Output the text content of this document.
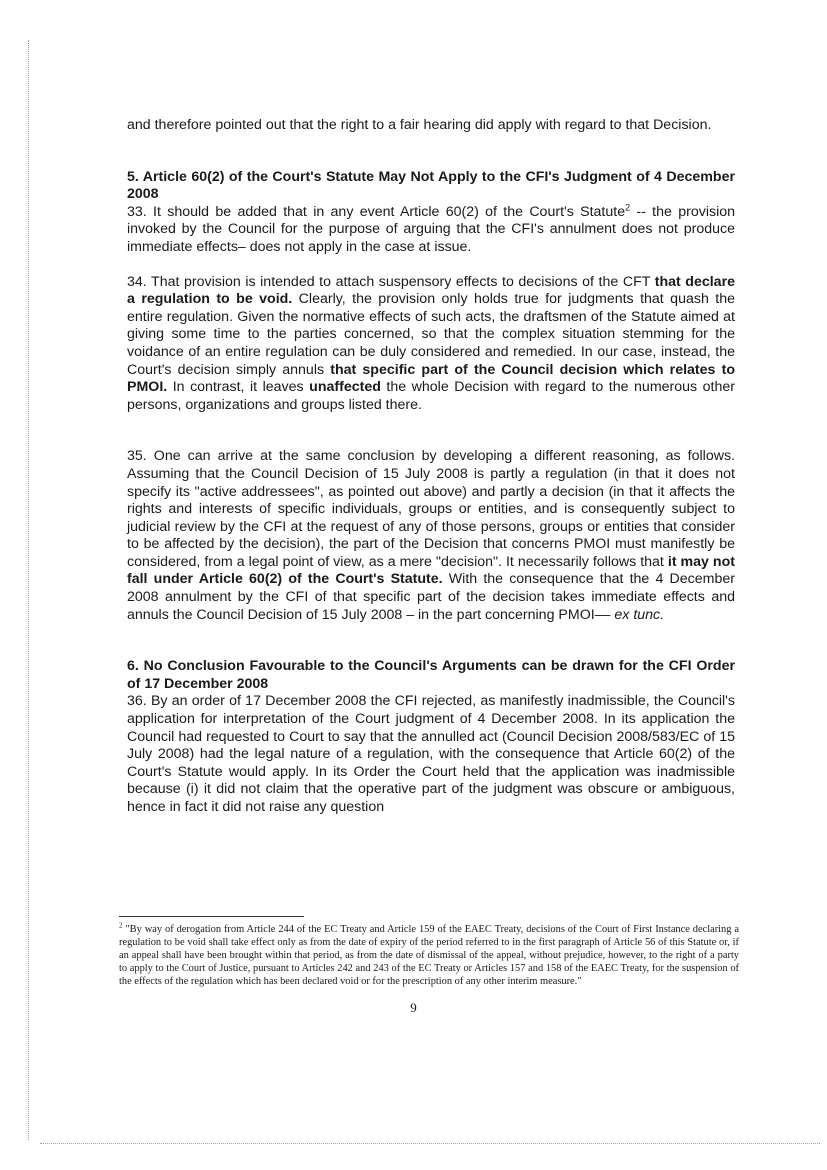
and therefore pointed out that the right to a fair hearing did apply with regard to that Decision.

5. Article 60(2) of the Court's Statute May Not Apply to the CFI's Judgment of 4 December 2008

33. It should be added that in any event Article 60(2) of the Court's Statute$^2$ -- the provision invoked by the Council for the purpose of arguing that the CFI's annulment does not produce immediate effects– does not apply in the case at issue.

34. That provision is intended to attach suspensory effects to decisions of the CFT that declare a regulation to be void. Clearly, the provision only holds true for judgments that quash the entire regulation. Given the normative effects of such acts, the draftsmen of the Statute aimed at giving some time to the parties concerned, so that the complex situation stemming for the voidance of an entire regulation can be duly considered and remedied. In our case, instead, the Court's decision simply annuls that specific part of the Council decision which relates to PMOI. In contrast, it leaves unaffected the whole Decision with regard to the numerous other persons, organizations and groups listed there.

35. One can arrive at the same conclusion by developing a different reasoning, as follows. Assuming that the Council Decision of 15 July 2008 is partly a regulation (in that it does not specify its "active addressees", as pointed out above) and partly a decision (in that it affects the rights and interests of specific individuals, groups or entities, and is consequently subject to judicial review by the CFI at the request of any of those persons, groups or entities that consider to be affected by the decision), the part of the Decision that concerns PMOI must manifestly be considered, from a legal point of view, as a mere "decision". It necessarily follows that it may not fall under Article 60(2) of the Court's Statute. With the consequence that the 4 December 2008 annulment by the CFI of that specific part of the decision takes immediate effects and annuls the Council Decision of 15 July 2008 – in the part concerning PMOI–– ex tunc.

6. No Conclusion Favourable to the Council's Arguments can be drawn for the CFI Order of 17 December 2008

36. By an order of 17 December 2008 the CFI rejected, as manifestly inadmissible, the Council's application for interpretation of the Court judgment of 4 December 2008. In its application the Council had requested to Court to say that the annulled act (Council Decision 2008/583/EC of 15 July 2008) had the legal nature of a regulation, with the consequence that Article 60(2) of the Court's Statute would apply. In its Order the Court held that the application was inadmissible because (i) it did not claim that the operative part of the judgment was obscure or ambiguous, hence in fact it did not raise any question

$^2$ "By way of derogation from Article 244 of the EC Treaty and Article 159 of the EAEC Treaty, decisions of the Court of First Instance declaring a regulation to be void shall take effect only as from the date of expiry of the period referred to in the first paragraph of Article 56 of this Statute or, if an appeal shall have been brought within that period, as from the date of dismissal of the appeal, without prejudice, however, to the right of a party to apply to the Court of Justice, pursuant to Articles 242 and 243 of the EC Treaty or Articles 157 and 158 of the EAEC Treaty, for the suspension of the effects of the regulation which has been declared void or for the prescription of any other interim measure."
9
